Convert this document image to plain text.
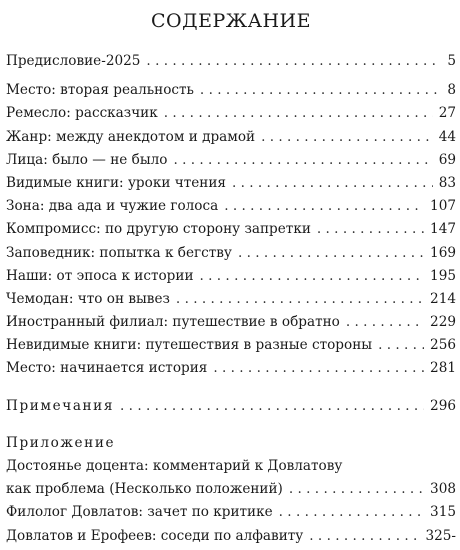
СОДЕРЖАНИЕ
Предисловие-2025 . . .	5
Место: вторая реальность . . .	8
Ремесло: рассказчик . . .	27
Жанр: между анекдотом и драмой . . .	44
Лица: было — не было . . .	69
Видимые книги: уроки чтения . . .	83
Зона: два ада и чужие голоса . . .	107
Компромисс: по другую сторону запретки . . .	147
Заповедник: попытка к бегству . . .	169
Наши: от эпоса к истории . . .	195
Чемодан: что он вывез . . .	214
Иностранный филиал: путешествие в обратно . . .	229
Невидимые книги: путешествия в разные стороны . . .	256
Место: начинается история . . .	281
Примечания . . .	296
Приложение
Достоянье доцента: комментарий к Довлатову
как проблема (Несколько положений) . . .	308
Филолог Довлатов: зачет по критике . . .	315
Довлатов и Ерофеев: соседи по алфавиту . . .	325-
